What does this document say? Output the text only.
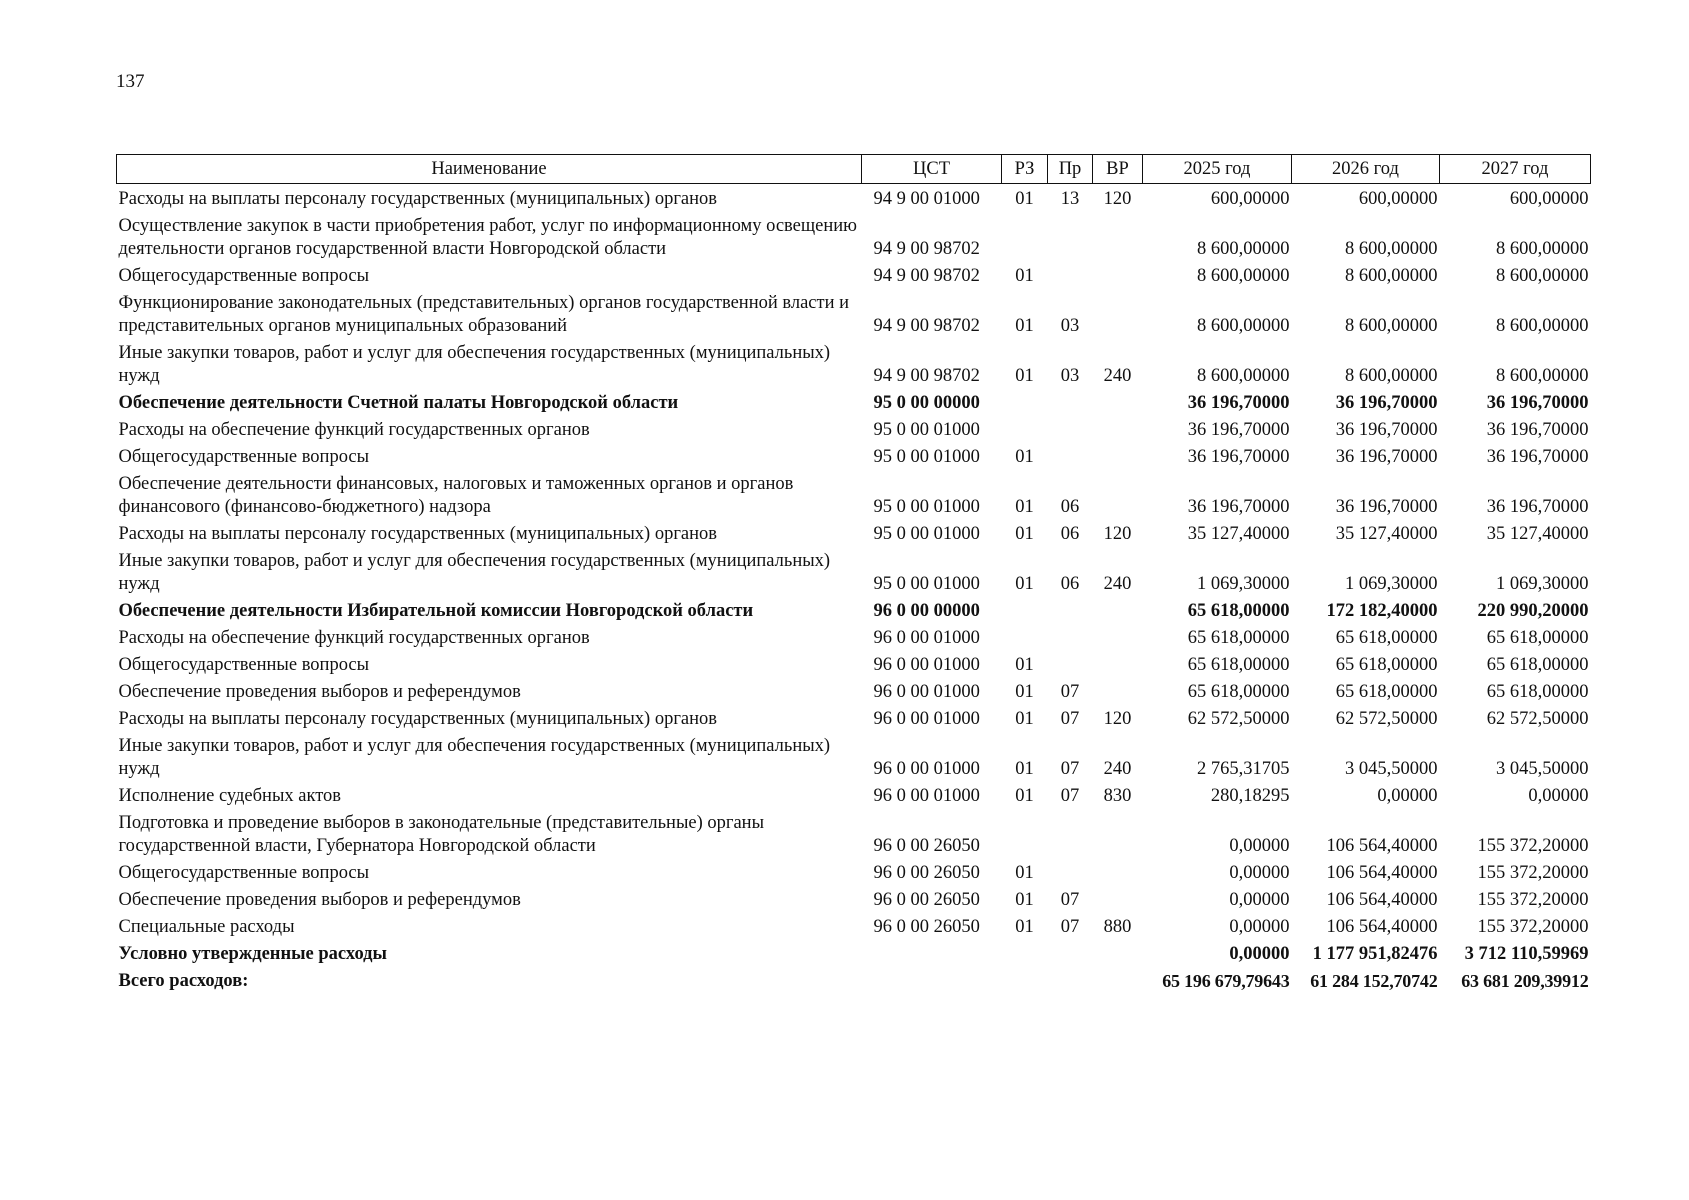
137
Наименование	ЦСТ	РЗ	Пр	ВР	2025 год	2026 год	2027 год
Расходы на выплаты персоналу государственных (муниципальных) органов	94 9 00 01000	01	13	120	600,00000	600,00000	600,00000
Осуществление закупок в части приобретения работ, услуг по информационному освещению деятельности органов государственной власти Новгородской области	94 9 00 98702				8 600,00000	8 600,00000	8 600,00000
Общегосударственные вопросы	94 9 00 98702	01			8 600,00000	8 600,00000	8 600,00000
Функционирование законодательных (представительных) органов государственной власти и представительных органов муниципальных образований	94 9 00 98702	01	03		8 600,00000	8 600,00000	8 600,00000
Иные закупки товаров, работ и услуг для обеспечения государственных (муниципальных) нужд	94 9 00 98702	01	03	240	8 600,00000	8 600,00000	8 600,00000
Обеспечение деятельности Счетной палаты Новгородской области	95 0 00 00000				36 196,70000	36 196,70000	36 196,70000
Расходы на обеспечение функций государственных органов	95 0 00 01000				36 196,70000	36 196,70000	36 196,70000
Общегосударственные вопросы	95 0 00 01000	01			36 196,70000	36 196,70000	36 196,70000
Обеспечение деятельности финансовых, налоговых и таможенных органов и органов финансового (финансово-бюджетного) надзора	95 0 00 01000	01	06		36 196,70000	36 196,70000	36 196,70000
Расходы на выплаты персоналу государственных (муниципальных) органов	95 0 00 01000	01	06	120	35 127,40000	35 127,40000	35 127,40000
Иные закупки товаров, работ и услуг для обеспечения государственных (муниципальных) нужд	95 0 00 01000	01	06	240	1 069,30000	1 069,30000	1 069,30000
Обеспечение деятельности Избирательной комиссии Новгородской области	96 0 00 00000				65 618,00000	172 182,40000	220 990,20000
Расходы на обеспечение функций государственных органов	96 0 00 01000				65 618,00000	65 618,00000	65 618,00000
Общегосударственные вопросы	96 0 00 01000	01			65 618,00000	65 618,00000	65 618,00000
Обеспечение проведения выборов и референдумов	96 0 00 01000	01	07		65 618,00000	65 618,00000	65 618,00000
Расходы на выплаты персоналу государственных (муниципальных) органов	96 0 00 01000	01	07	120	62 572,50000	62 572,50000	62 572,50000
Иные закупки товаров, работ и услуг для обеспечения государственных (муниципальных) нужд	96 0 00 01000	01	07	240	2 765,31705	3 045,50000	3 045,50000
Исполнение судебных актов	96 0 00 01000	01	07	830	280,18295	0,00000	0,00000
Подготовка и проведение выборов в законодательные (представительные) органы государственной власти, Губернатора Новгородской области	96 0 00 26050				0,00000	106 564,40000	155 372,20000
Общегосударственные вопросы	96 0 00 26050	01			0,00000	106 564,40000	155 372,20000
Обеспечение проведения выборов и референдумов	96 0 00 26050	01	07		0,00000	106 564,40000	155 372,20000
Специальные расходы	96 0 00 26050	01	07	880	0,00000	106 564,40000	155 372,20000
Условно утвержденные расходы					0,00000	1 177 951,82476	3 712 110,59969
Всего расходов:					65 196 679,79643	61 284 152,70742	63 681 209,39912
